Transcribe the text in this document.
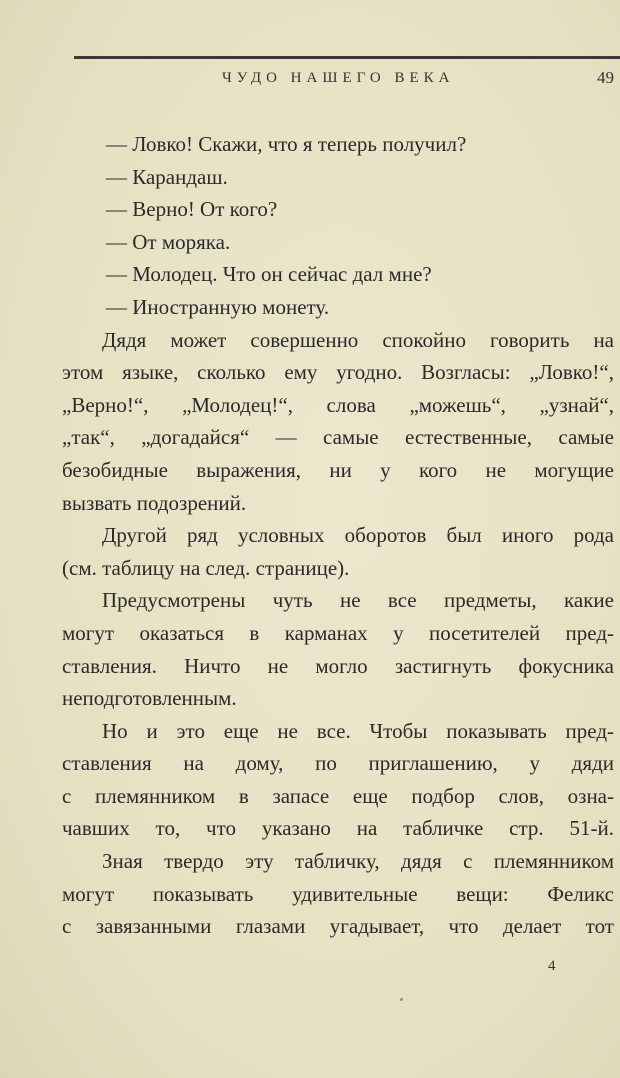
ЧУДО НАШЕГО ВЕКА	49
— Ловко! Скажи, что я теперь получил?
— Карандаш.
— Верно! От кого?
— От моряка.
— Молодец. Что он сейчас дал мне?
— Иностранную монету.
Дядя может совершенно спокойно говорить на
этом языке, сколько ему угодно. Возгласы: „Ловко!“,
„Верно!“, „Молодец!“, слова „можешь“, „узнай“,
„так“, „догадайся“ — самые естественные, самые
безобидные выражения, ни у кого не могущие
вызвать подозрений.
Другой ряд условных оборотов был иного рода
(см. таблицу на след. странице).
Предусмотрены чуть не все предметы, какие
могут оказаться в карманах у посетителей пред-
ставления. Ничто не могло застигнуть фокусника
неподготовленным.
Но и это еще не все. Чтобы показывать пред-
ставления на дому, по приглашению, у дяди
с племянником в запасе еще подбор слов, озна-
чавших то, что указано на табличке стр. 51-й.
Зная твердо эту табличку, дядя с племянником
могут показывать удивительные вещи: Феликс
с завязанными глазами угадывает, что делает тот
4
